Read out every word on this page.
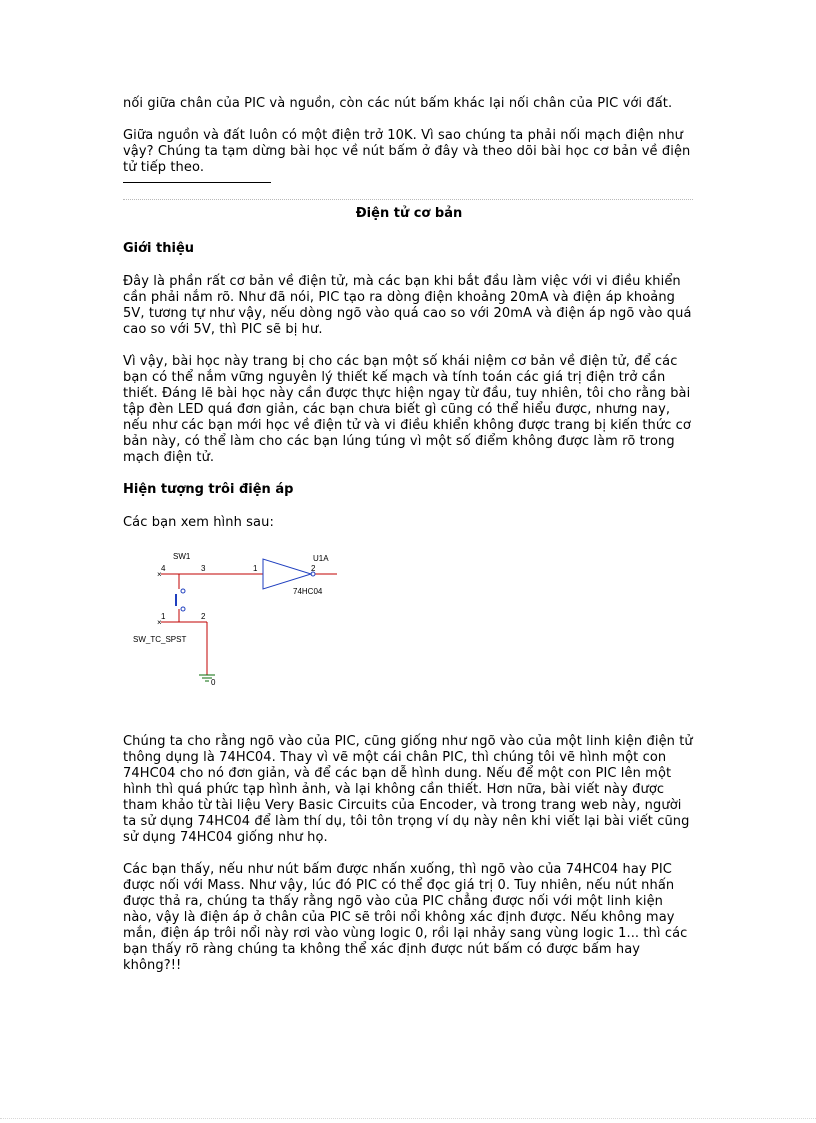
nối giữa chân của PIC và nguồn, còn các nút bấm khác lại nối chân của PIC với đất.

Giữa nguồn và đất luôn có một điện trở 10K. Vì sao chúng ta phải nối mạch điện như vậy? Chúng ta tạm dừng bài học về nút bấm ở đây và theo dõi bài học cơ bản về điện tử tiếp theo.

Điện tử cơ bản
Giới thiệu

Đây là phần rất cơ bản về điện tử, mà các bạn khi bắt đầu làm việc với vi điều khiển cần phải nắm rõ. Như đã nói, PIC tạo ra dòng điện khoảng 20mA và điện áp khoảng 5V, tương tự như vậy, nếu dòng ngõ vào quá cao so với 20mA và điện áp ngõ vào quá cao so với 5V, thì PIC sẽ bị hư.

Vì vậy, bài học này trang bị cho các bạn một số khái niệm cơ bản về điện tử, để các bạn có thể nắm vững nguyên lý thiết kế mạch và tính toán các giá trị điện trở cần thiết. Đáng lẽ bài học này cần được thực hiện ngay từ đầu, tuy nhiên, tôi cho rằng bài tập đèn LED quá đơn giản, các bạn chưa biết gì cũng có thể hiểu được, nhưng nay, nếu như các bạn mới học về điện tử và vi điều khiển không được trang bị kiến thức cơ bản này, có thể làm cho các bạn lúng túng vì một số điểm không được làm rõ trong mạch điện tử.

Hiện tượng trôi điện áp

Các bạn xem hình sau:

×
×
SW1
4	3
1	2
SW_TC_SPST
1	2
U1A
74HC04
0

Chúng ta cho rằng ngõ vào của PIC, cũng giống như ngõ vào của một linh kiện điện tử thông dụng là 74HC04. Thay vì vẽ một cái chân PIC, thì chúng tôi vẽ hình một con 74HC04 cho nó đơn giản, và để các bạn dễ hình dung. Nếu để một con PIC lên một hình thì quá phức tạp hình ảnh, và lại không cần thiết. Hơn nữa, bài viết này được tham khảo từ tài liệu Very Basic Circuits của Encoder, và trong trang web này, người ta sử dụng 74HC04 để làm thí dụ, tôi tôn trọng ví dụ này nên khi viết lại bài viết cũng sử dụng 74HC04 giống như họ.

Các bạn thấy, nếu như nút bấm được nhấn xuống, thì ngõ vào của 74HC04 hay PIC được nối với Mass. Như vậy, lúc đó PIC có thể đọc giá trị 0. Tuy nhiên, nếu nút nhấn được thả ra, chúng ta thấy rằng ngõ vào của PIC chẳng được nối với một linh kiện nào, vậy là điện áp ở chân của PIC sẽ trôi nổi không xác định được. Nếu không may mắn, điện áp trôi nổi này rơi vào vùng logic 0, rồi lại nhảy sang vùng logic 1... thì các bạn thấy rõ ràng chúng ta không thể xác định được nút bấm có được bấm hay không?!!
